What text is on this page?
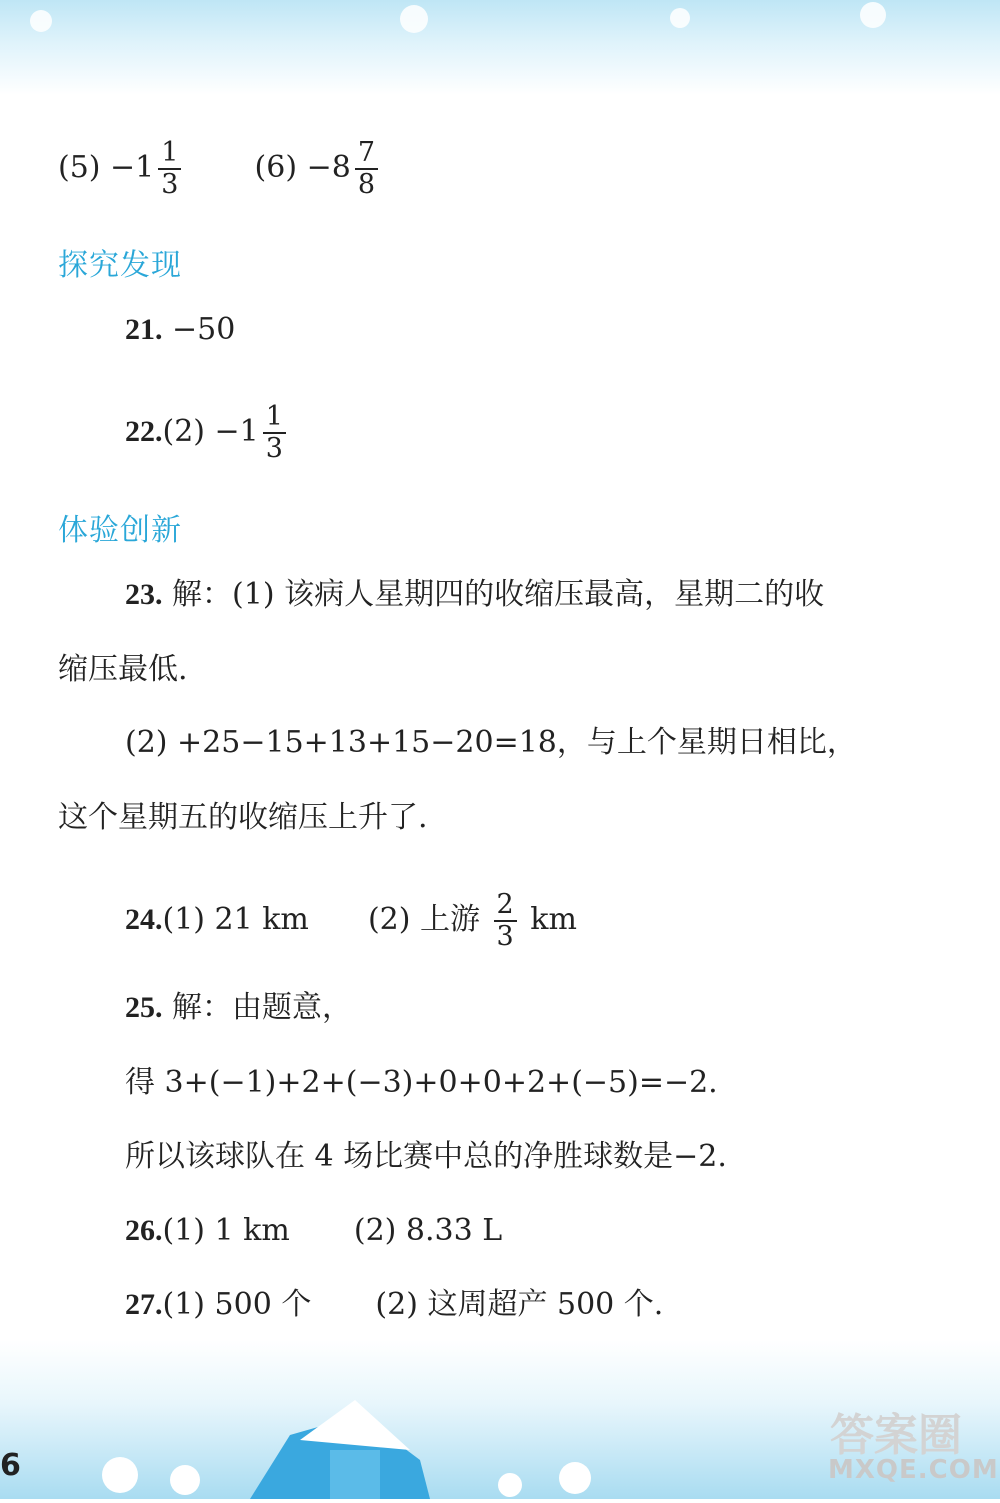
$(5) -1 \frac{1}{3} (6) -8 \frac{7}{8}$
探究发现
21. −50
$22.(2) -1 \frac{1}{3}$
体验创新
23. 解：(1) 该病人星期四的收缩压最高，星期二的收
缩压最低.
(2) +25−15+13+15−20=18，与上个星期日相比，
这个星期五的收缩压上升了.
24.(1) 21 km (2) 上游 $\frac{2}{3}$ km
25. 解：由题意，
得 3+(−1)+2+(−3)+0+0+2+(−5)=−2.
所以该球队在 4 场比赛中总的净胜球数是−2.
26.(1) 1 km (2) 8.33 L
27.(1) 500 个 (2) 这周超产 500 个.
6
答案圈
MXQE.COM
